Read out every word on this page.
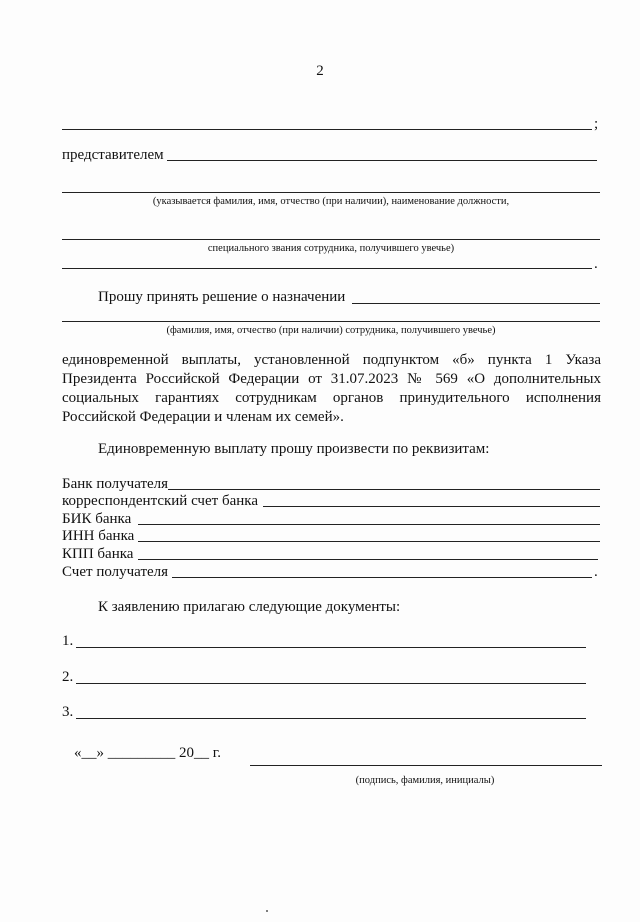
2
;
представителем
(указывается фамилия, имя, отчество (при наличии), наименование должности,
специального звания сотрудника, получившего увечье)
.
Прошу принять решение о назначении
(фамилия, имя, отчество (при наличии) сотрудника, получившего увечье)
единовременной выплаты, установленной подпунктом «б» пункта 1 Указа Президента Российской Федерации от 31.07.2023 № 569 «О дополнительных социальных гарантиях сотрудникам органов принудительного исполнения Российской Федерации и членам их семей».
Единовременную выплату прошу произвести по реквизитам:
Банк получателя
корреспондентский счет банка
БИК банка
ИНН банка
КПП банка
Счет получателя	.
К заявлению прилагаю следующие документы:
1.
2.
3.
«__» _________ 20__ г.
(подпись, фамилия, инициалы)
